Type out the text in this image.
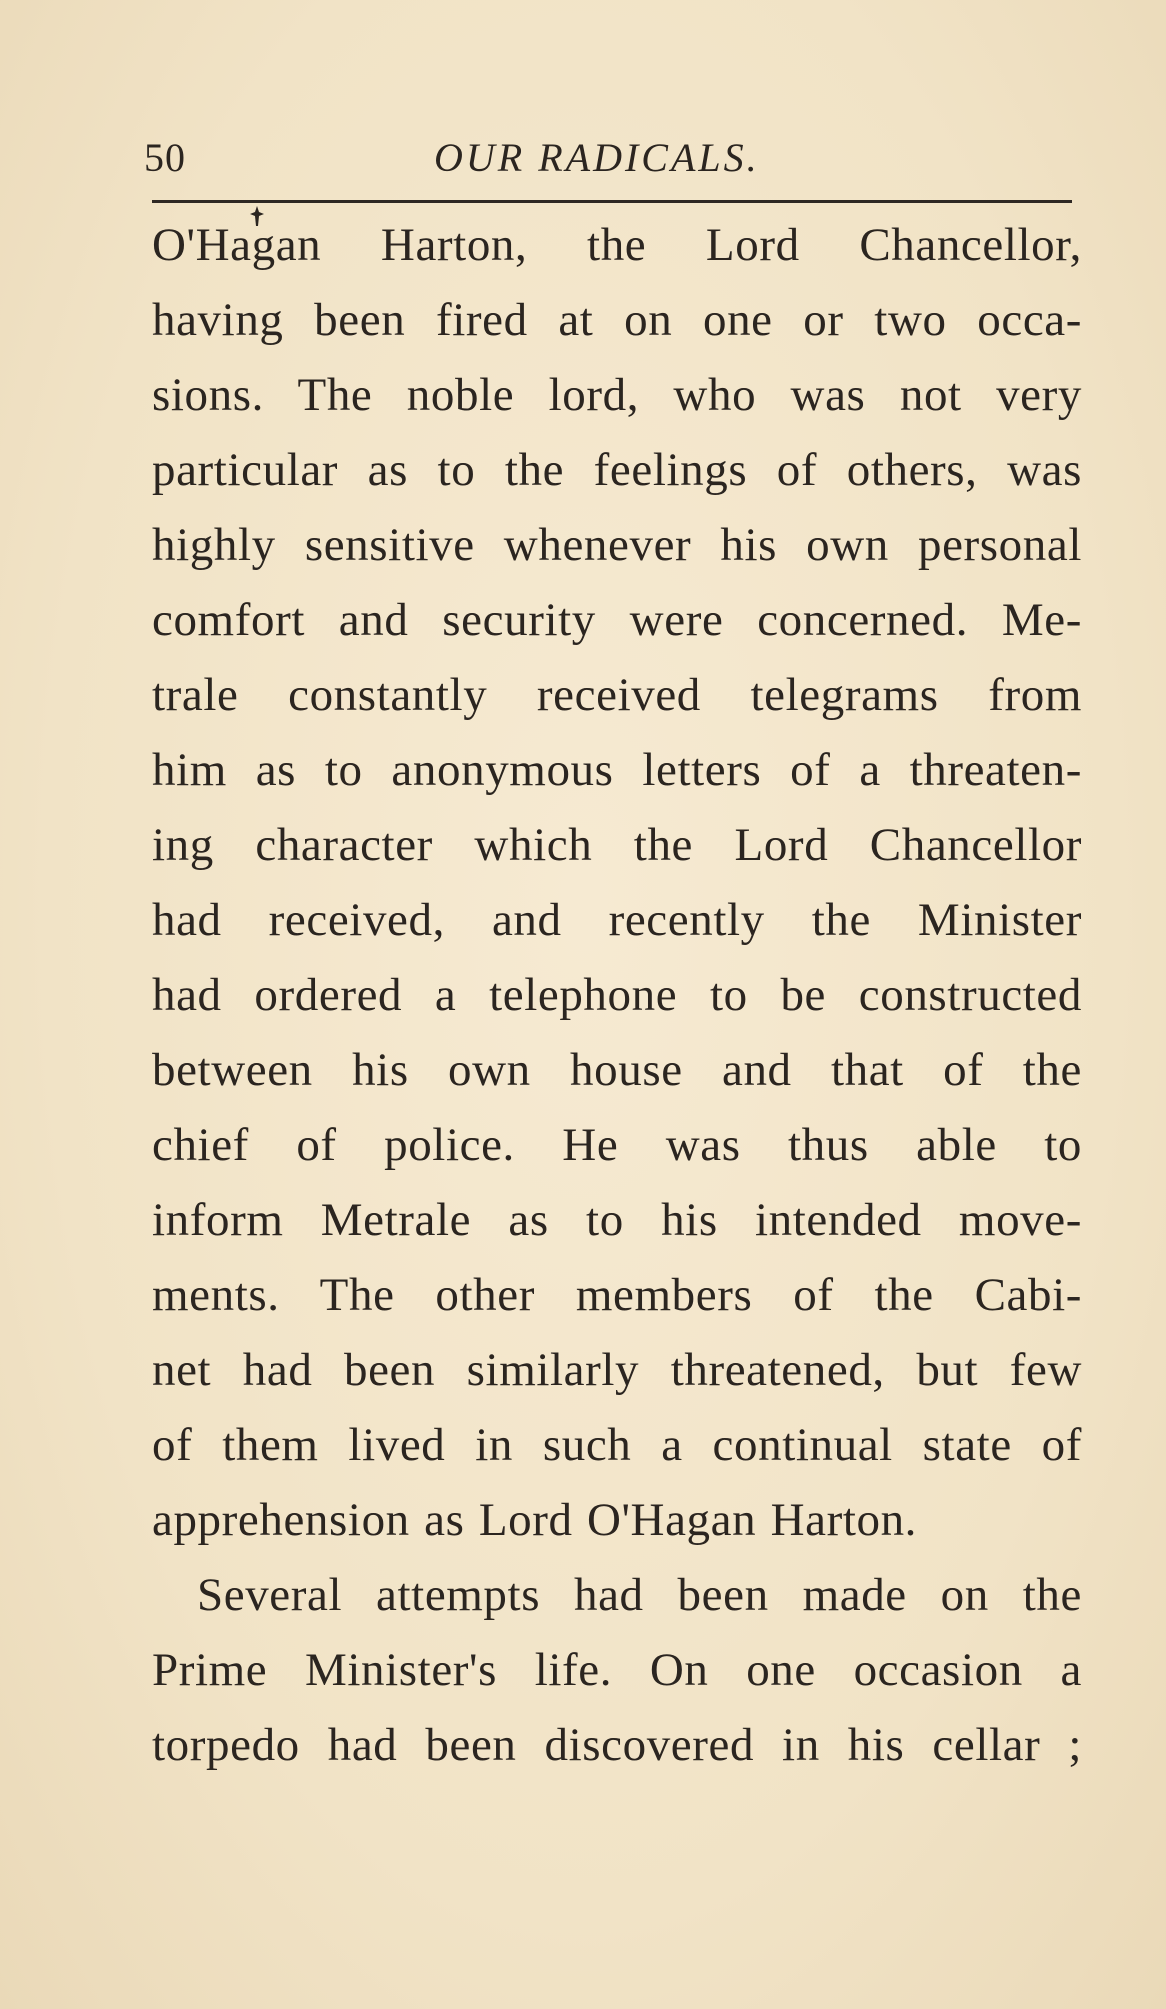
50	OUR RADICALS.
O'Hagan Harton, the Lord Chancellor,
having been fired at on one or two occa-
sions. The noble lord, who was not very
particular as to the feelings of others, was
highly sensitive whenever his own personal
comfort and security were concerned. Me-
trale constantly received telegrams from
him as to anonymous letters of a threaten-
ing character which the Lord Chancellor
had received, and recently the Minister
had ordered a telephone to be constructed
between his own house and that of the
chief of police. He was thus able to
inform Metrale as to his intended move-
ments. The other members of the Cabi-
net had been similarly threatened, but few
of them lived in such a continual state of
apprehension as Lord O'Hagan Harton.
Several attempts had been made on the
Prime Minister's life. On one occasion a
torpedo had been discovered in his cellar ;
